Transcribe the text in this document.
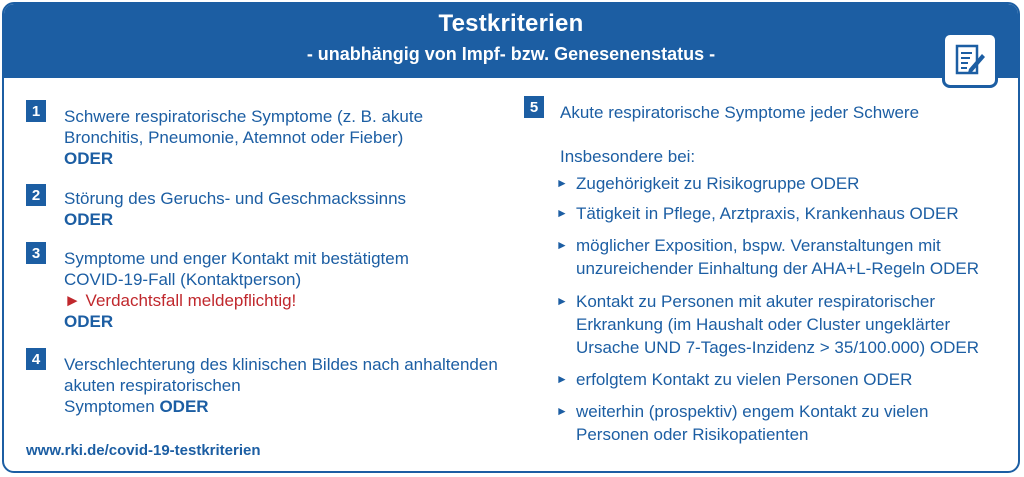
Testkriterien
- unabhängig von Impf- bzw. Genesenenstatus -
1	Schwere respiratorische Symptome (z. B. akute
Bronchitis, Pneumonie, Atemnot oder Fieber)
ODER
2	Störung des Geruchs- und Geschmackssinns
ODER
3	Symptome und enger Kontakt mit bestätigtem
COVID-19-Fall (Kontaktperson)
► Verdachtsfall meldepflichtig!
ODER
4	Verschlechterung des klinischen Bildes nach anhaltenden
akuten respiratorischen
Symptomen ODER
www.rki.de/covid-19-testkriterien
5	Akute respiratorische Symptome jeder Schwere
Insbesondere bei:
► Zugehörigkeit zu Risikogruppe ODER
► Tätigkeit in Pflege, Arztpraxis, Krankenhaus ODER
► möglicher Exposition, bspw. Veranstaltungen mit
unzureichender Einhaltung der AHA+L-Regeln ODER
► Kontakt zu Personen mit akuter respiratorischer
Erkrankung (im Haushalt oder Cluster ungeklärter
Ursache UND 7-Tages-Inzidenz > 35/100.000) ODER
► erfolgtem Kontakt zu vielen Personen ODER
► weiterhin (prospektiv) engem Kontakt zu vielen
Personen oder Risikopatienten
